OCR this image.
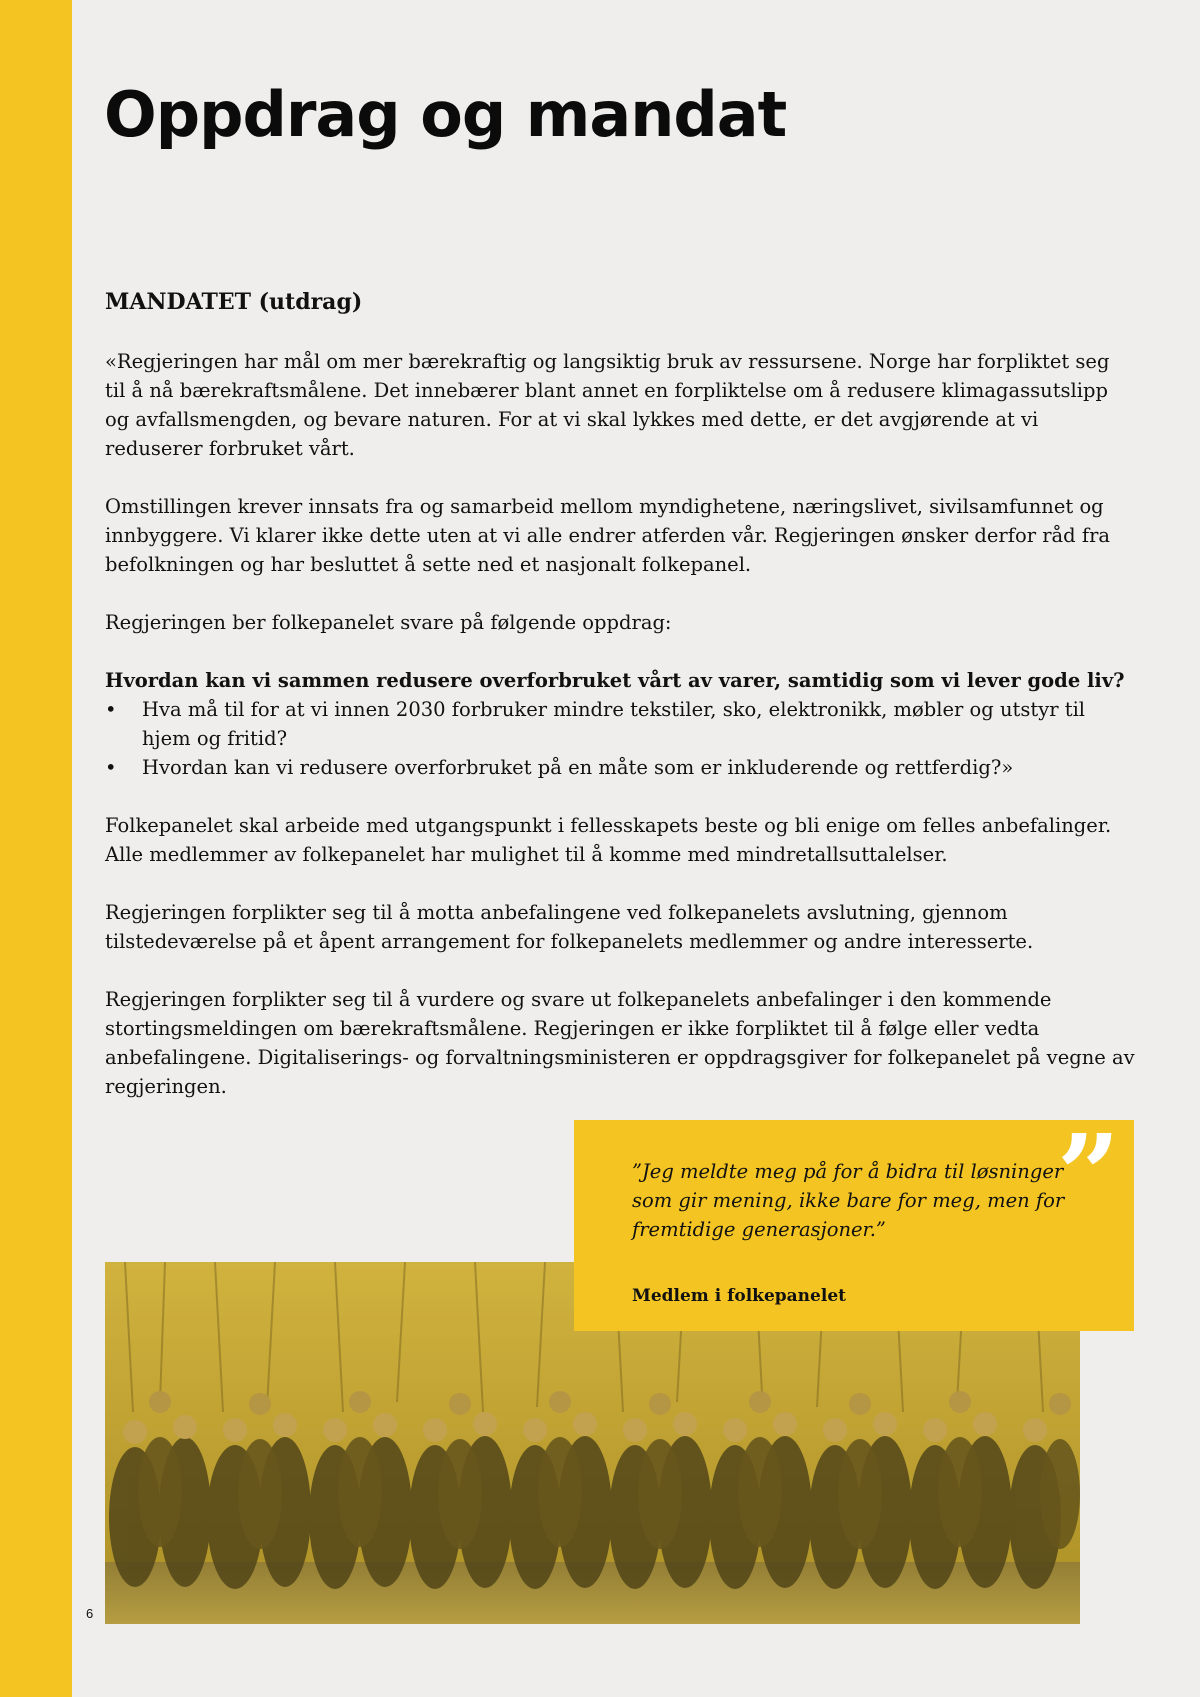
Oppdrag og mandat
MANDATET (utdrag)

«Regjeringen har mål om mer bærekraftig og langsiktig bruk av ressursene. Norge har forpliktet seg til å nå bærekraftsmålene. Det innebærer blant annet en forpliktelse om å redusere klimagassutslipp og avfallsmengden, og bevare naturen. For at vi skal lykkes med dette, er det avgjørende at vi reduserer forbruket vårt.

Omstillingen krever innsats fra og samarbeid mellom myndighetene, næringslivet, sivilsamfunnet og innbyggere. Vi klarer ikke dette uten at vi alle endrer atferden vår. Regjeringen ønsker derfor råd fra befolkningen og har besluttet å sette ned et nasjonalt folkepanel.

Regjeringen ber folkepanelet svare på følgende oppdrag:

Hvordan kan vi sammen redusere overforbruket vårt av varer, samtidig som vi lever gode liv?

• Hva må til for at vi innen 2030 forbruker mindre tekstiler, sko, elektronikk, møbler og utstyr til hjem og fritid?
• Hvordan kan vi redusere overforbruket på en måte som er inkluderende og rettferdig?»

Folkepanelet skal arbeide med utgangspunkt i fellesskapets beste og bli enige om felles anbefalinger. Alle medlemmer av folkepanelet har mulighet til å komme med mindretallsuttalelser.

Regjeringen forplikter seg til å motta anbefalingene ved folkepanelets avslutning, gjennom tilstedeværelse på et åpent arrangement for folkepanelets medlemmer og andre interesserte.

Regjeringen forplikter seg til å vurdere og svare ut folkepanelets anbefalinger i den kommende stortingsmeldingen om bærekraftsmålene. Regjeringen er ikke forpliktet til å følge eller vedta anbefalingene. Digitaliserings- og forvaltningsministeren er oppdragsgiver for folkepanelet på vegne av regjeringen.

”
”Jeg meldte meg på for å bidra til løsninger som gir mening, ikke bare for meg, men for fremtidige generasjoner.”
Medlem i folkepanelet
6
